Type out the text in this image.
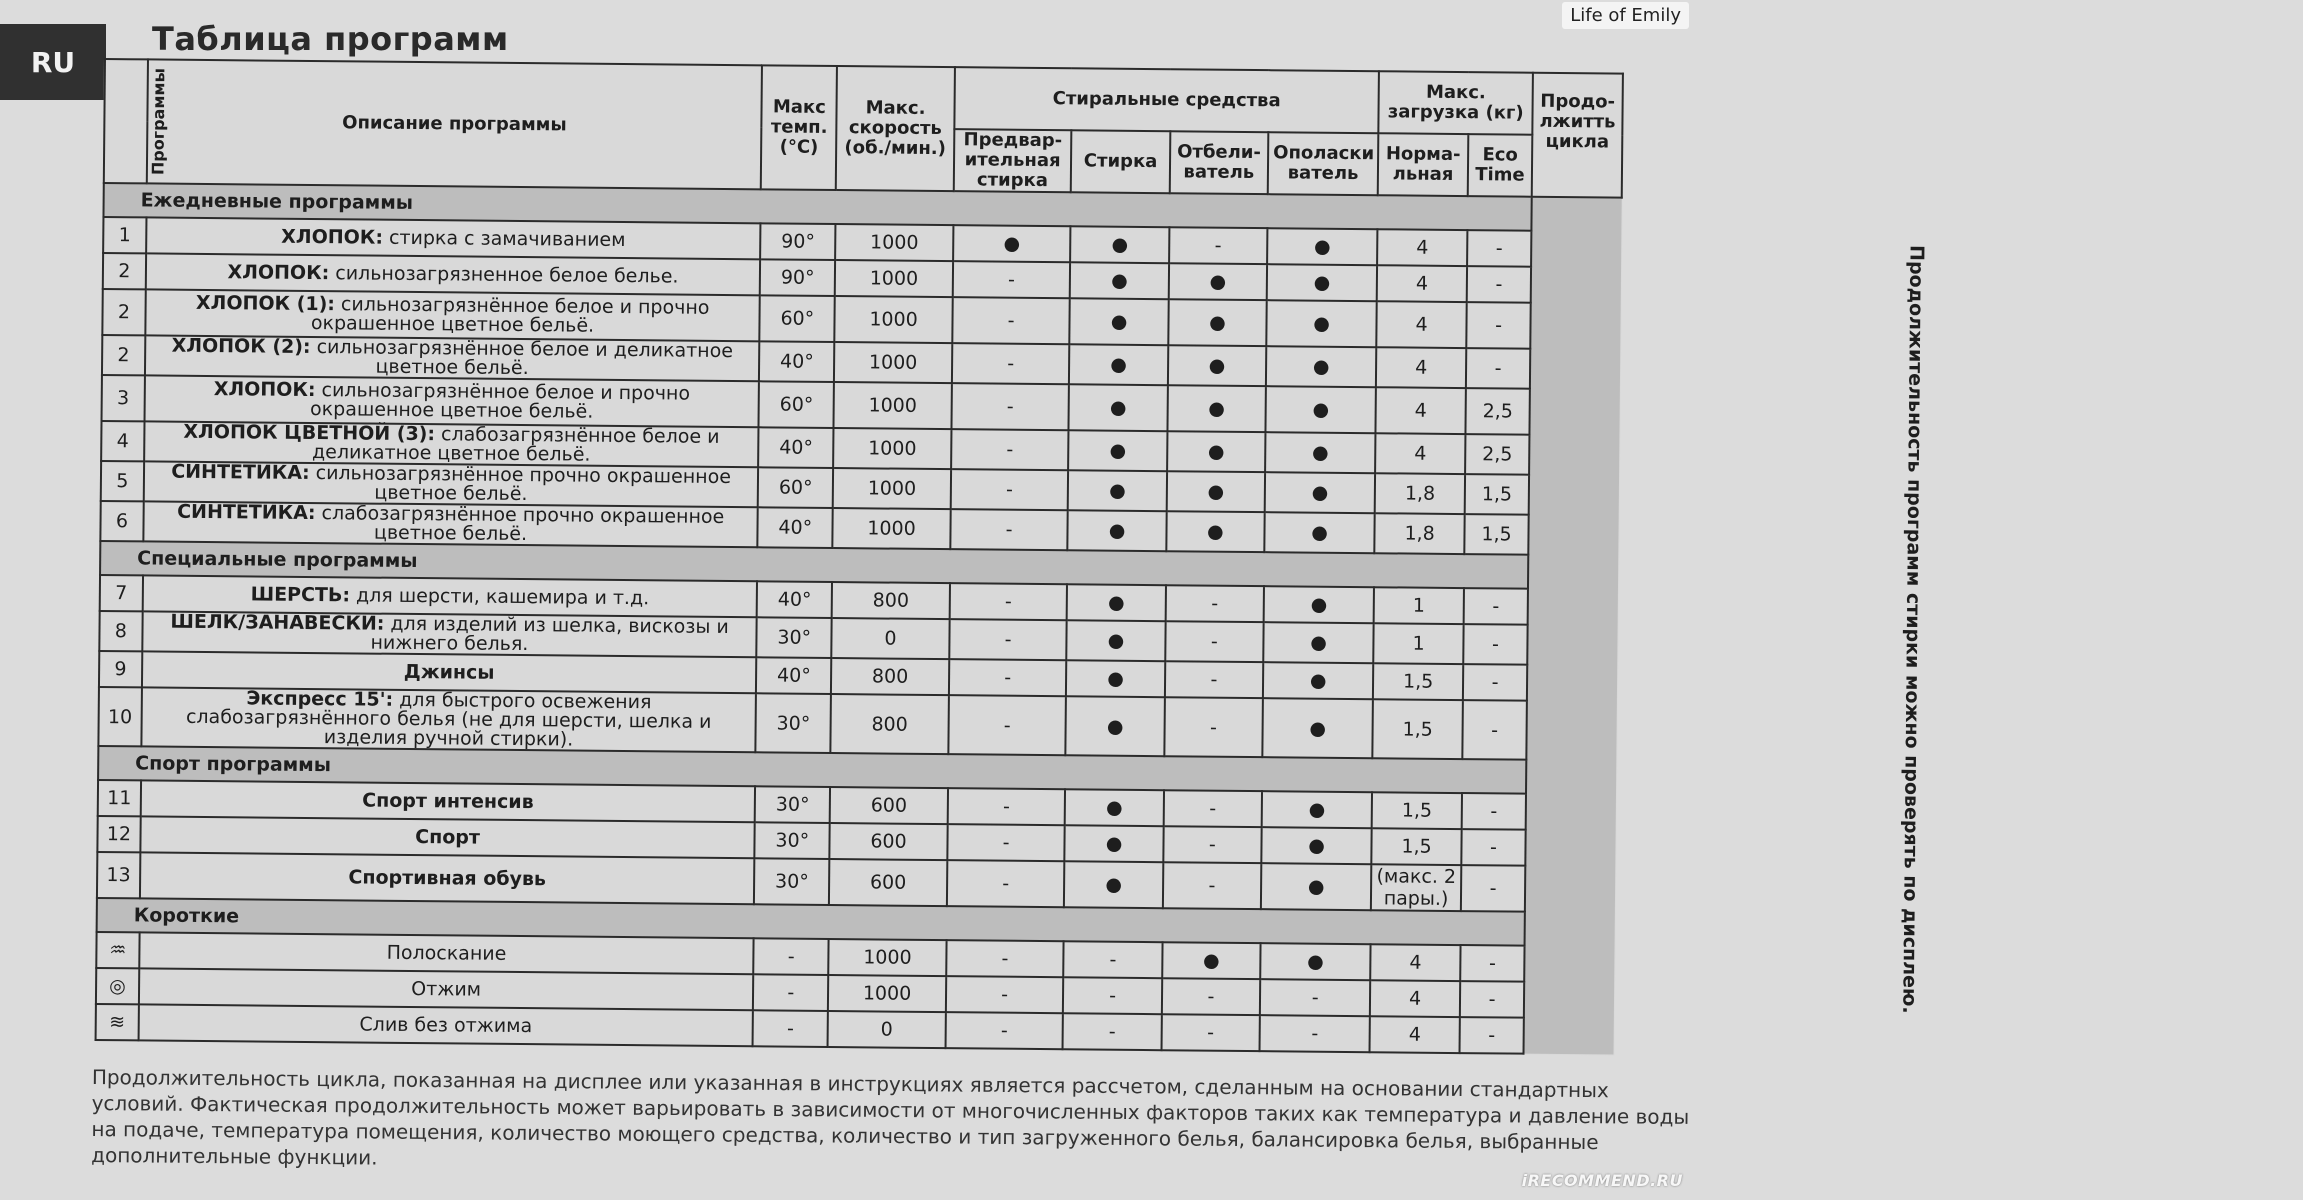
RU
Таблица программ
Life of Emily
Программы	Описание программы	Макс темп. (°С)	Макс. скорость (об./мин.)	Стиральные средства				Макс. загрузка (кг)		Продо-лжитть цикла
				Предвар-ительная стирка	Стирка	Отбели-ватель	Ополаски ватель	Норма-льная	Eco Time	
Ежедневные программы										Продолжительность программ стирки можно проверять по дисплею.
1	ХЛОПОК: стирка с замачиванием	90°	1000	●	●	-	●	4	-	
2	ХЛОПОК: сильнозагрязненное белое белье.	90°	1000	-	●	●	●	4	-	
2	ХЛОПОК (1): сильнозагрязнённое белое и прочно окрашенное цветное бельё.	60°	1000	-	●	●	●	4	-	
2	ХЛОПОК (2): сильнозагрязнённое белое и деликатное цветное бельё.	40°	1000	-	●	●	●	4	-	
3	ХЛОПОК: сильнозагрязнённое белое и прочно окрашенное цветное бельё.	60°	1000	-	●	●	●	4	2,5	
4	ХЛОПОК ЦВЕТНОЙ (3): слабозагрязнённое белое и деликатное цветное бельё.	40°	1000	-	●	●	●	4	2,5	
5	СИНТЕТИКА: сильнозагрязнённое прочно окрашенное цветное бельё.	60°	1000	-	●	●	●	1,8	1,5	
6	СИНТЕТИКА: слабозагрязнённое прочно окрашенное цветное бельё.	40°	1000	-	●	●	●	1,8	1,5	
Специальные программы										
7	ШЕРСТЬ: для шерсти, кашемира и т.д.	40°	800	-	●	-	●	1	-	
8	ШЕЛК/ЗАНАВЕСКИ: для изделий из шелка, вискозы и нижнего белья.	30°	0	-	●	-	●	1	-	
9	Джинсы	40°	800	-	●	-	●	1,5	-	
10	Экспресс 15': для быстрого освежения слабозагрязнённого белья (не для шерсти, шелка и изделия ручной стирки).	30°	800	-	●	-	●	1,5	-	
Спорт программы										
11	Спорт интенсив	30°	600	-	●	-	●	1,5	-	
12	Спорт	30°	600	-	●	-	●	1,5	-	
13	Спортивная обувь	30°	600	-	●	-	●	(макс. 2 пары.)	-	
Короткие										
♒	Полоскание	-	1000	-	-	●	●	4	-	
◎	Отжим	-	1000	-	-	-	-	4	-	
≋	Слив без отжима	-	0	-	-	-	-	4	-	
Продолжительность цикла, показанная на дисплее или указанная в инструкциях является рассчетом, сделанным на основании стандартных условий. Фактическая продолжительность может варьировать в зависимости от многочисленных факторов таких как температура и давление воды на подаче, температура помещения, количество моющего средства, количество и тип загруженного белья, балансировка белья, выбранные дополнительные функции.
iRECOMMEND.RU
